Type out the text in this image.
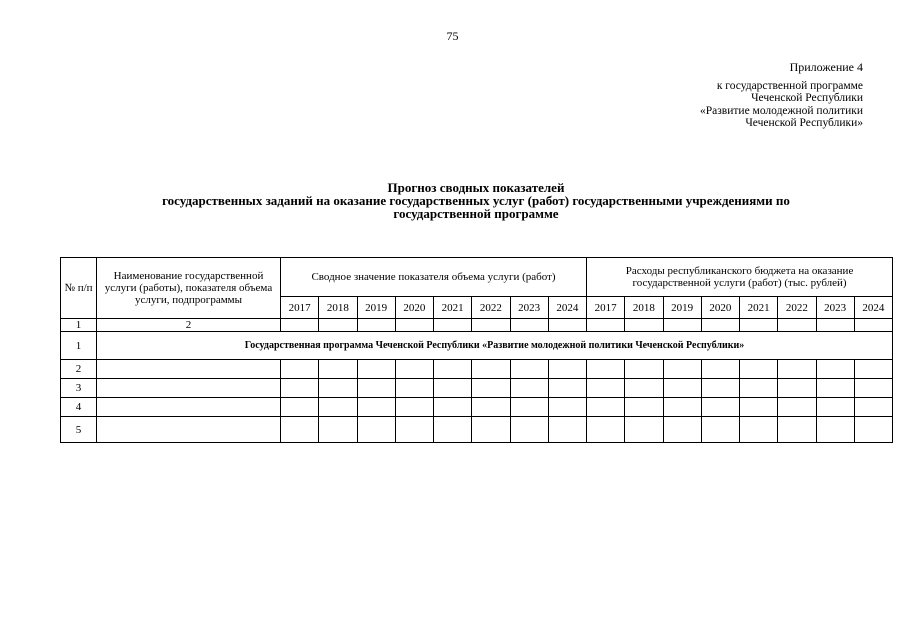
75
Приложение 4
к государственной программе
Чеченской Республики
«Развитие молодежной политики
Чеченской Республики»
Прогноз сводных показателей
государственных заданий на оказание государственных услуг (работ) государственными учреждениями по
государственной программе
№ п/п	Наименование государственной услуги (работы), показателя объема услуги, подпрограммы	Сводное значение показателя объема услуги (работ)								Расходы республиканского бюджета на оказание государственной услуги (работ) (тыс. рублей)							
		2017	2018	2019	2020	2021	2022	2023	2024	2017	2018	2019	2020	2021	2022	2023	2024
1	2																
1	Государственная программа Чеченской Республики «Развитие молодежной политики Чеченской Республики»																
2																	
3																	
4																	
5																	
